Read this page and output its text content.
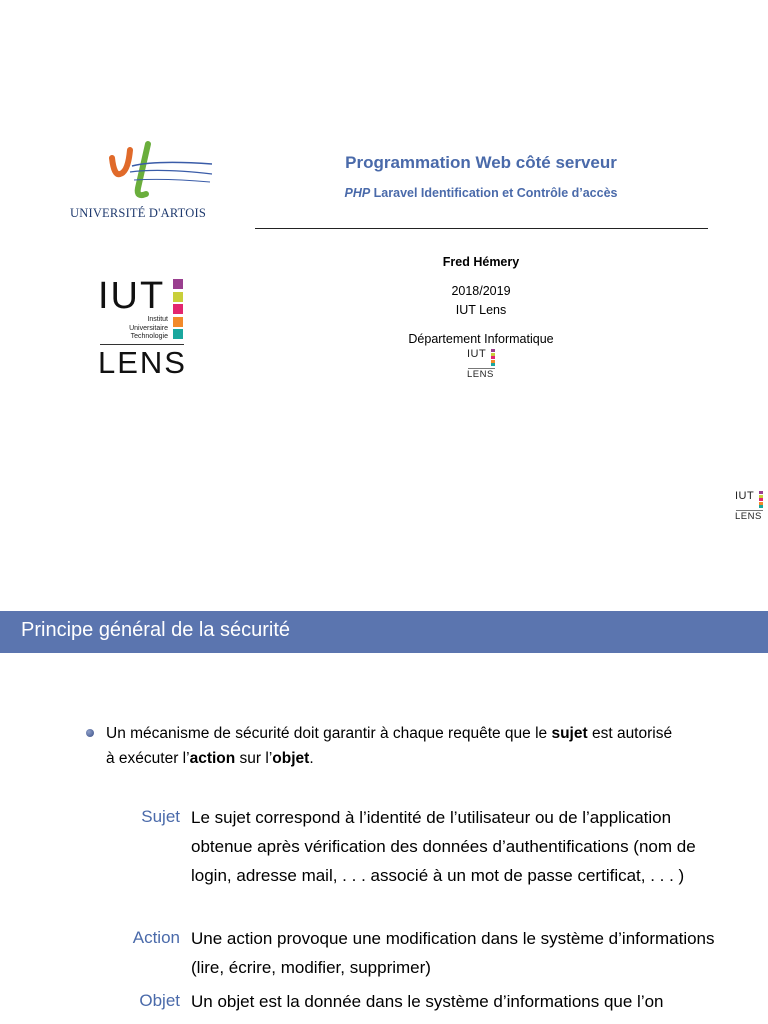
UNIVERSITÉ D'ARTOIS
IUT
Institut
Universitaire
Technologie
LENS
Programmation Web côté serveur
PHP Laravel Identification et Contrôle d’accès
Fred Hémery
2018/2019
IUT Lens
Département Informatique
IUT
LENS
IUT
LENS
Principe général de la sécurité
Un mécanisme de sécurité doit garantir à chaque requête que le sujet est autorisé à exécuter l’action sur l’objet.
Sujet Le sujet correspond à l’identité de l’utilisateur ou de l’application obtenue après vérification des données d’authentifications (nom de login, adresse mail, . . . associé à un mot de passe certificat, . . . )
Action Une action provoque une modification dans le système d’informations (lire, écrire, modifier, supprimer)
Objet Un objet est la donnée dans le système d’informations que l’on
